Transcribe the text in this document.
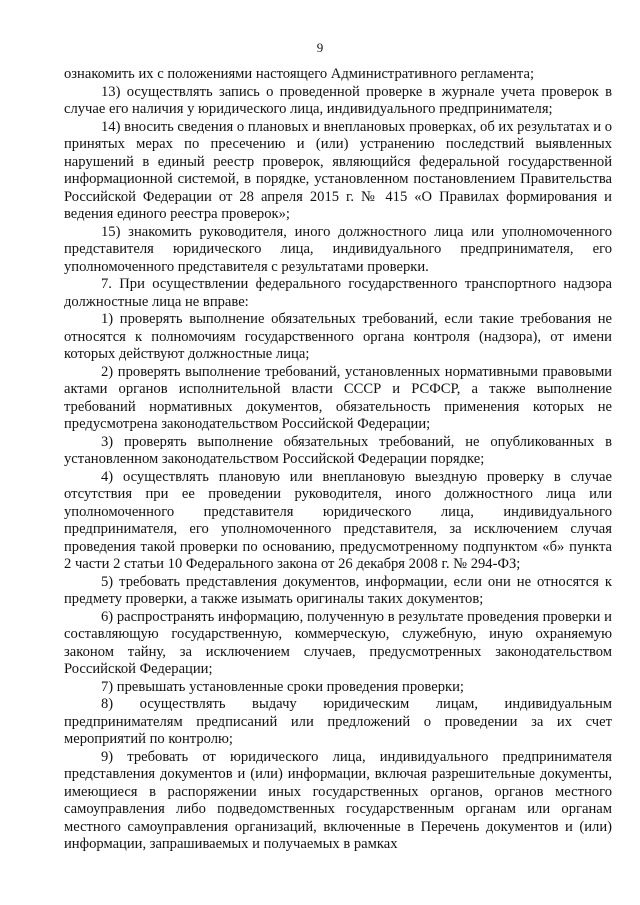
9

ознакомить их с положениями настоящего Административного регламента;

13) осуществлять запись о проведенной проверке в журнале учета проверок в случае его наличия у юридического лица, индивидуального предпринимателя;

14) вносить сведения о плановых и внеплановых проверках, об их результатах и о принятых мерах по пресечению и (или) устранению последствий выявленных нарушений в единый реестр проверок, являющийся федеральной государственной информационной системой, в порядке, установленном постановлением Правительства Российской Федерации от 28 апреля 2015 г. № 415 «О Правилах формирования и ведения единого реестра проверок»;

15) знакомить руководителя, иного должностного лица или уполномоченного представителя юридического лица, индивидуального предпринимателя, его уполномоченного представителя с результатами проверки.

7. При осуществлении федерального государственного транспортного надзора должностные лица не вправе:

1) проверять выполнение обязательных требований, если такие требования не относятся к полномочиям государственного органа контроля (надзора), от имени которых действуют должностные лица;

2) проверять выполнение требований, установленных нормативными правовыми актами органов исполнительной власти СССР и РСФСР, а также выполнение требований нормативных документов, обязательность применения которых не предусмотрена законодательством Российской Федерации;

3) проверять выполнение обязательных требований, не опубликованных в установленном законодательством Российской Федерации порядке;

4) осуществлять плановую или внеплановую выездную проверку в случае отсутствия при ее проведении руководителя, иного должностного лица или уполномоченного представителя юридического лица, индивидуального предпринимателя, его уполномоченного представителя, за исключением случая проведения такой проверки по основанию, предусмотренному подпунктом «б» пункта 2 части 2 статьи 10 Федерального закона от 26 декабря 2008 г. № 294-ФЗ;

5) требовать представления документов, информации, если они не относятся к предмету проверки, а также изымать оригиналы таких документов;

6) распространять информацию, полученную в результате проведения проверки и составляющую государственную, коммерческую, служебную, иную охраняемую законом тайну, за исключением случаев, предусмотренных законодательством Российской Федерации;

7) превышать установленные сроки проведения проверки;

8) осуществлять выдачу юридическим лицам, индивидуальным предпринимателям предписаний или предложений о проведении за их счет мероприятий по контролю;

9) требовать от юридического лица, индивидуального предпринимателя представления документов и (или) информации, включая разрешительные документы, имеющиеся в распоряжении иных государственных органов, органов местного самоуправления либо подведомственных государственным органам или органам местного самоуправления организаций, включенные в Перечень документов и (или) информации, запрашиваемых и получаемых в рамках
